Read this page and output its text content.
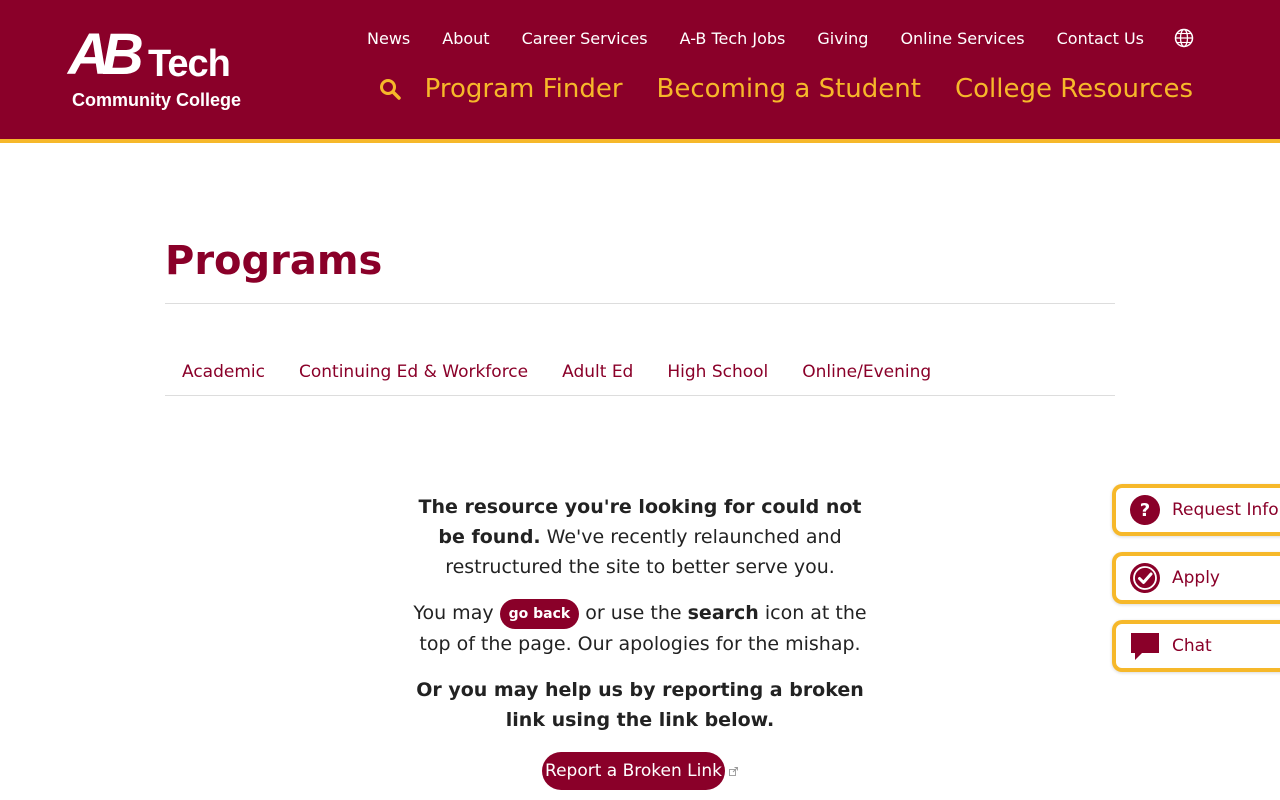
AB Tech
Community College
News About Career Services A-B Tech Jobs Giving Online Services Contact Us
Program Finder Becoming a Student College Resources
Programs
Academic	Continuing Ed & Workforce	Adult Ed	High School	Online/Evening

The resource you're looking for could not be found. We've recently relaunched and restructured the site to better serve you.

You may go back or use the search icon at the top of the page. Our apologies for the mishap.

Or you may help us by reporting a broken link using the link below.

Report a Broken Link
? Request Info
Apply
Chat
